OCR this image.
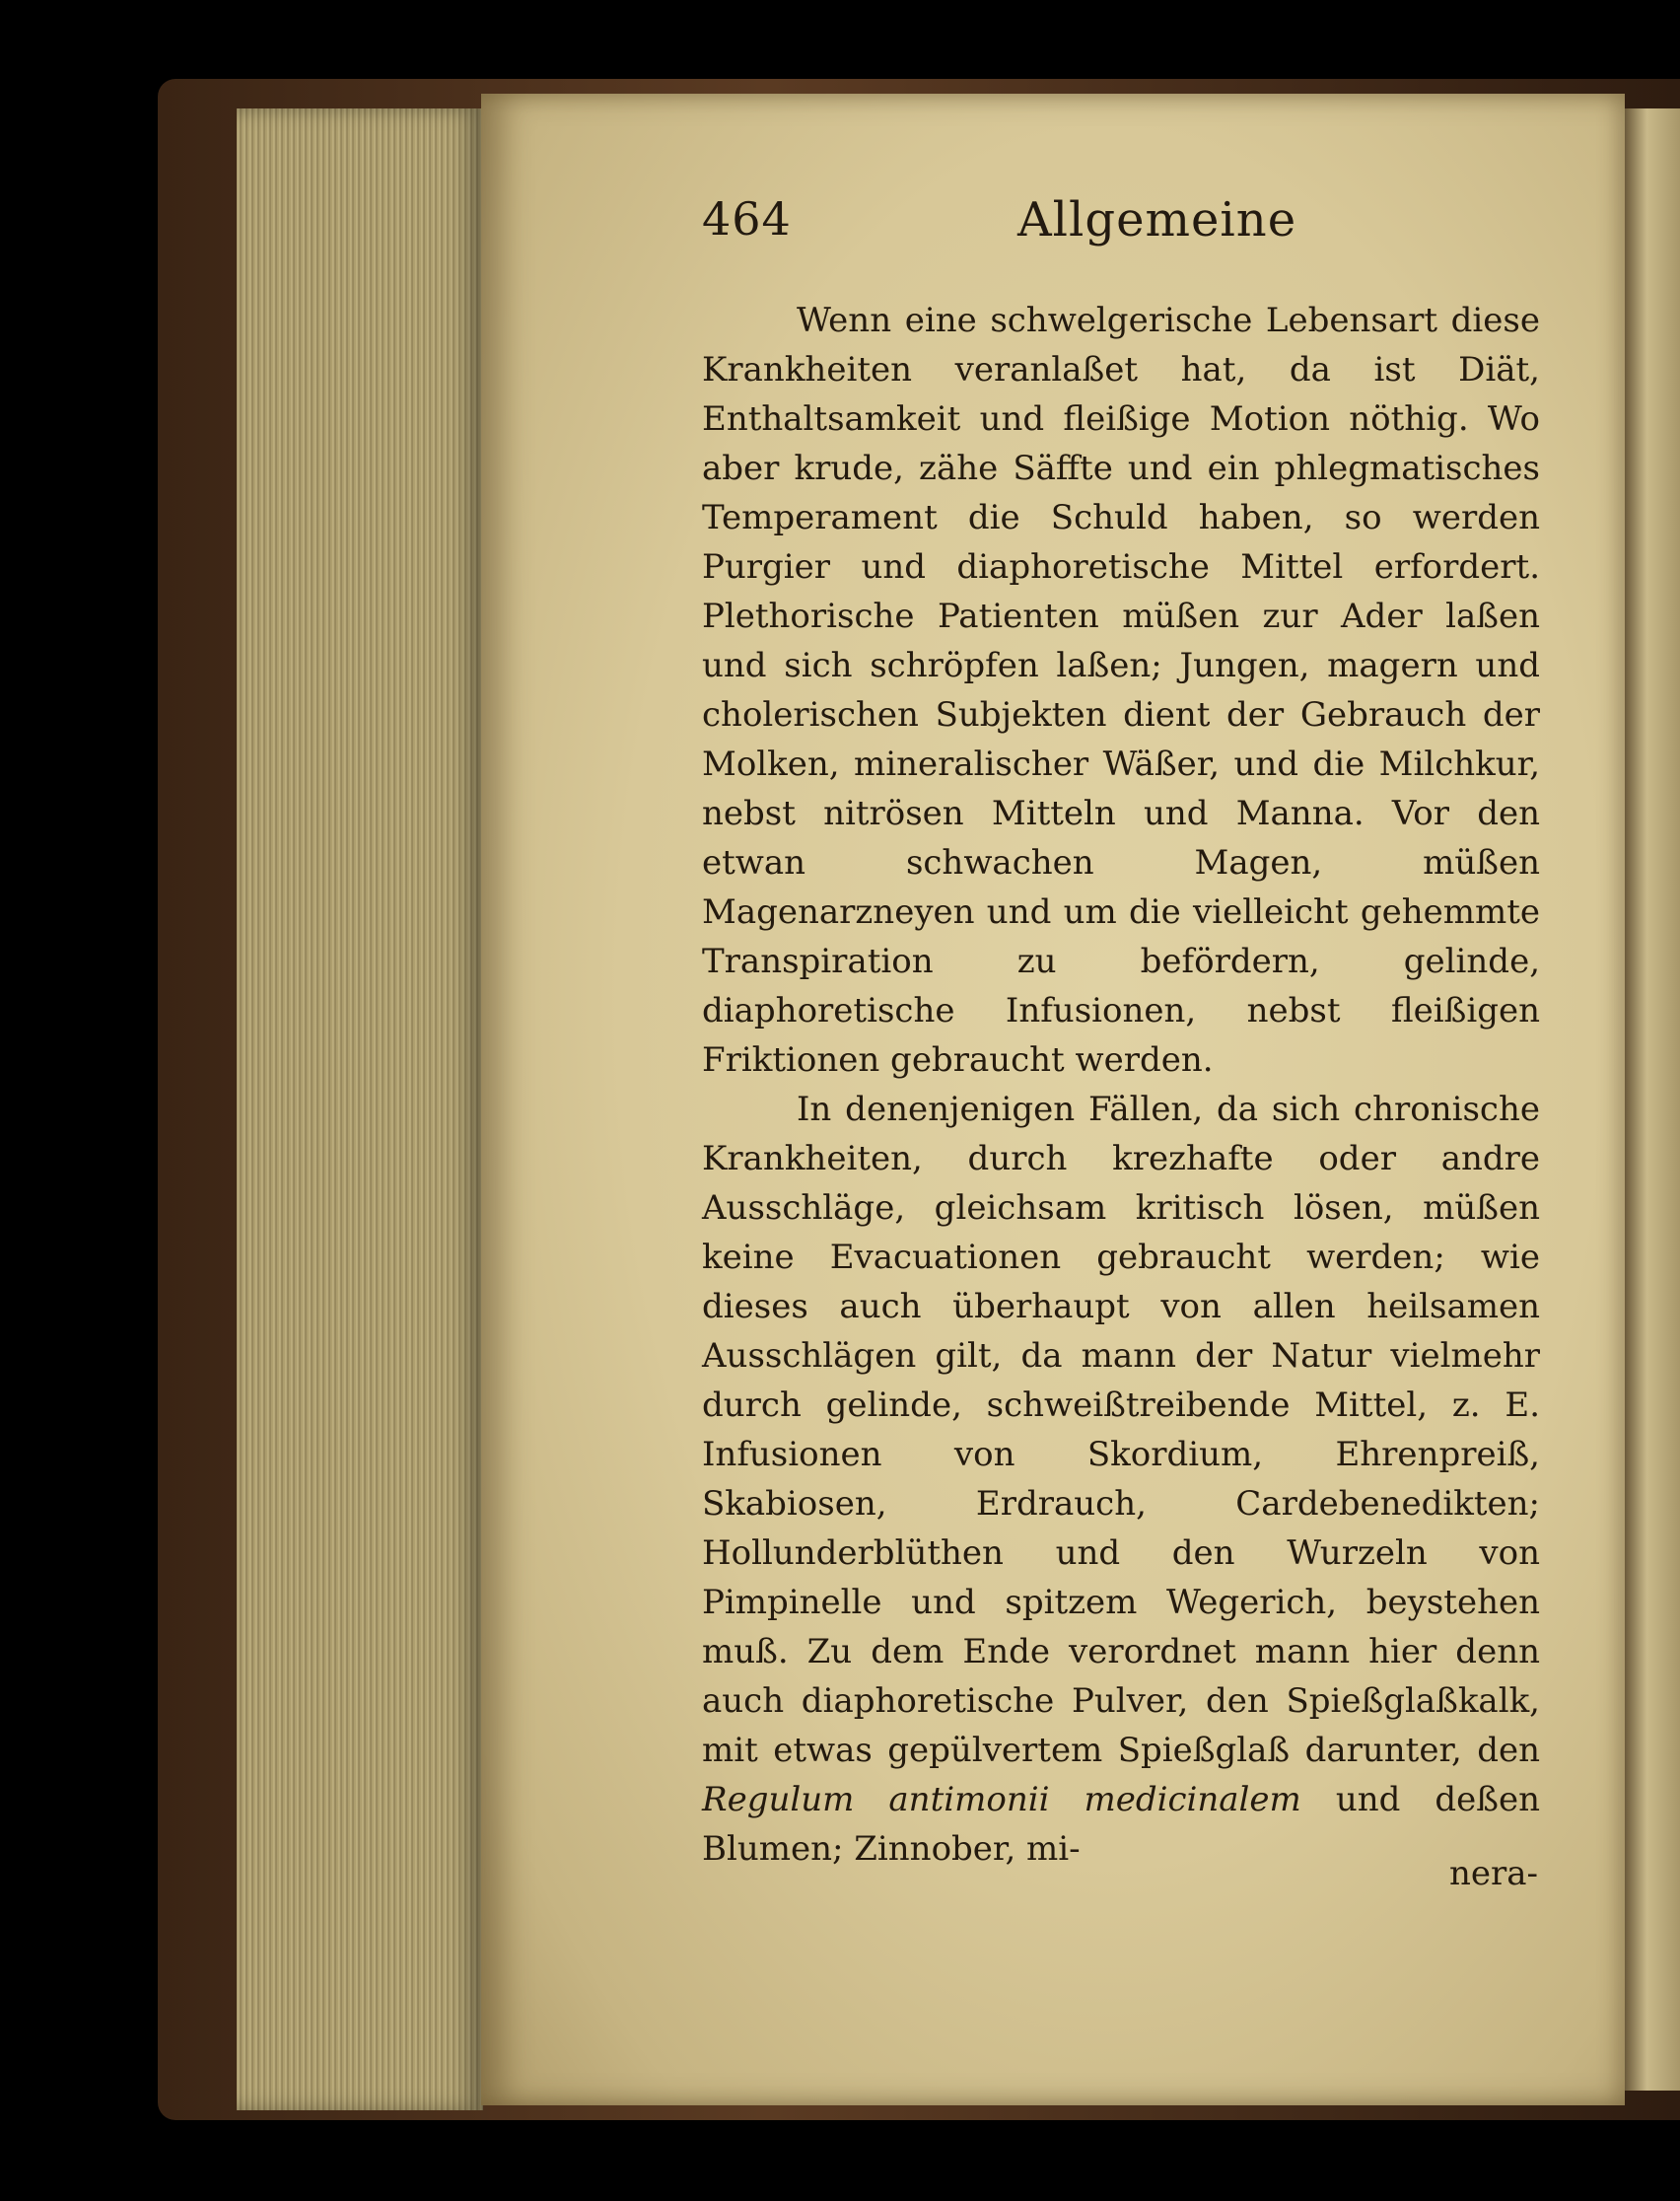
464	Allgemeine

Wenn eine schwelgerische Lebensart diese Krankheiten veranlaßet hat, da ist Diät, Enthaltsamkeit und fleißige Motion nöthig. Wo aber krude, zähe Säffte und ein phlegmatisches Temperament die Schuld haben, so werden Purgier und diaphoretische Mittel erfordert. Plethorische Patienten müßen zur Ader laßen und sich schröpfen laßen; Jungen, magern und cholerischen Subjekten dient der Gebrauch der Molken, mineralischer Wäßer, und die Milchkur, nebst nitrösen Mitteln und Manna. Vor den etwan schwachen Magen, müßen Magenarzneyen und um die vielleicht gehemmte Transpiration zu befördern, gelinde, diaphoretische Infusionen, nebst fleißigen Friktionen gebraucht werden.

In denenjenigen Fällen, da sich chronische Krankheiten, durch krezhafte oder andre Ausschläge, gleichsam kritisch lösen, müßen keine Evacuationen gebraucht werden; wie dieses auch überhaupt von allen heilsamen Ausschlägen gilt, da mann der Natur vielmehr durch gelinde, schweißtreibende Mittel, z. E. Infusionen von Skordium, Ehrenpreiß, Skabiosen, Erdrauch, Cardebenedikten; Hollunderblüthen und den Wurzeln von Pimpinelle und spitzem Wegerich, beystehen muß. Zu dem Ende verordnet mann hier denn auch diaphoretische Pulver, den Spießglaßkalk, mit etwas gepülvertem Spießglaß darunter, den Regulum antimonii medicinalem und deßen Blumen; Zinnober, mi-

nera-
